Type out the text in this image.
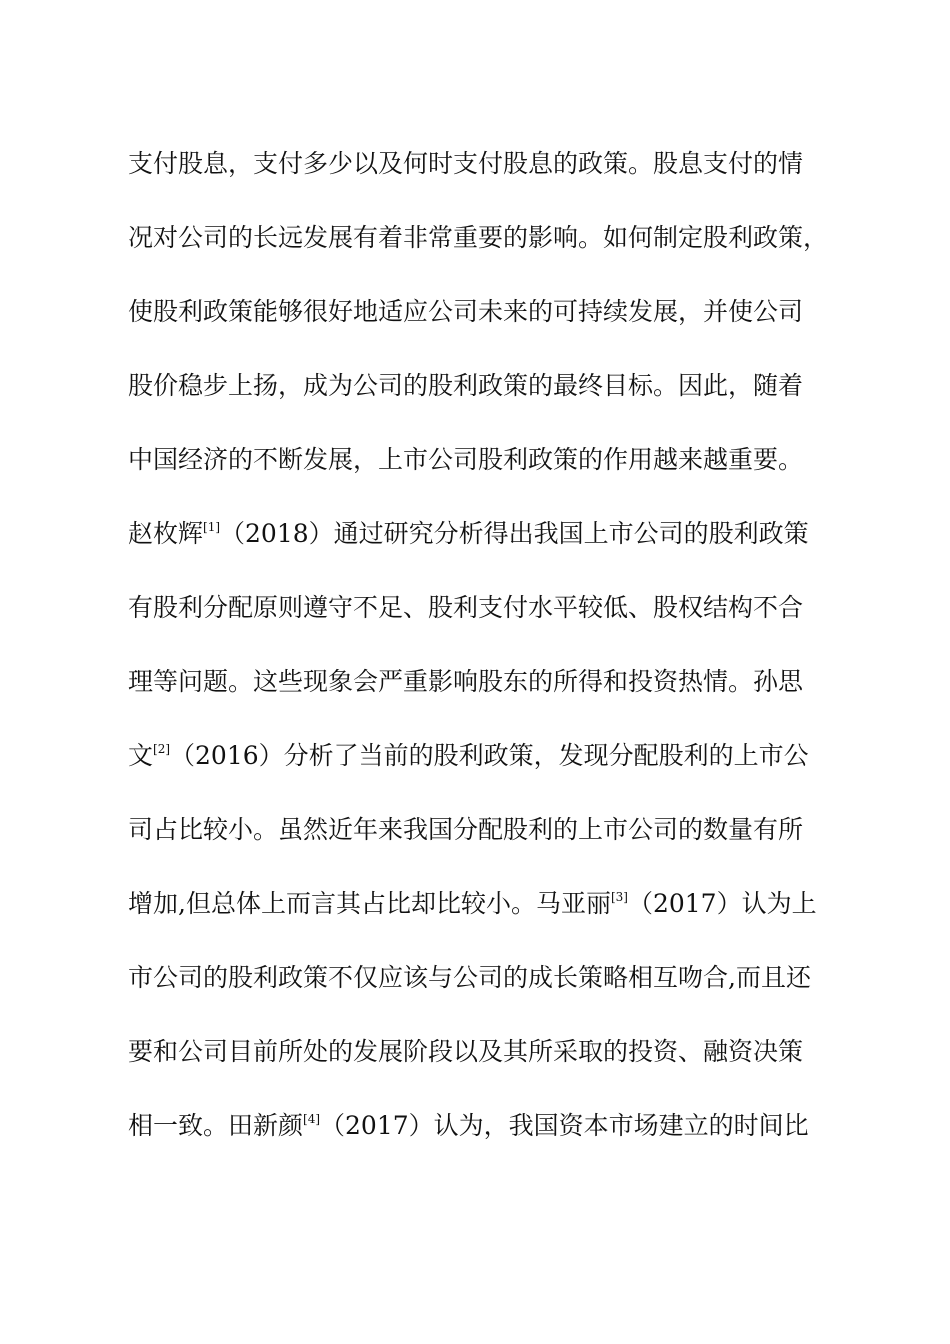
支付股息，支付多少以及何时支付股息的政策。股息支付的情
况对公司的长远发展有着非常重要的影响。如何制定股利政策，
使股利政策能够很好地适应公司未来的可持续发展，并使公司
股价稳步上扬，成为公司的股利政策的最终目标。因此，随着
中国经济的不断发展，上市公司股利政策的作用越来越重要。
赵枚辉[1]（2018）通过研究分析得出我国上市公司的股利政策
有股利分配原则遵守不足、股利支付水平较低、股权结构不合
理等问题。这些现象会严重影响股东的所得和投资热情。孙思
文[2]（2016）分析了当前的股利政策，发现分配股利的上市公
司占比较小。虽然近年来我国分配股利的上市公司的数量有所
增加,但总体上而言其占比却比较小。马亚丽[3]（2017）认为上
市公司的股利政策不仅应该与公司的成长策略相互吻合,而且还
要和公司目前所处的发展阶段以及其所采取的投资、融资决策
相一致。田新颜[4]（2017）认为，我国资本市场建立的时间比
